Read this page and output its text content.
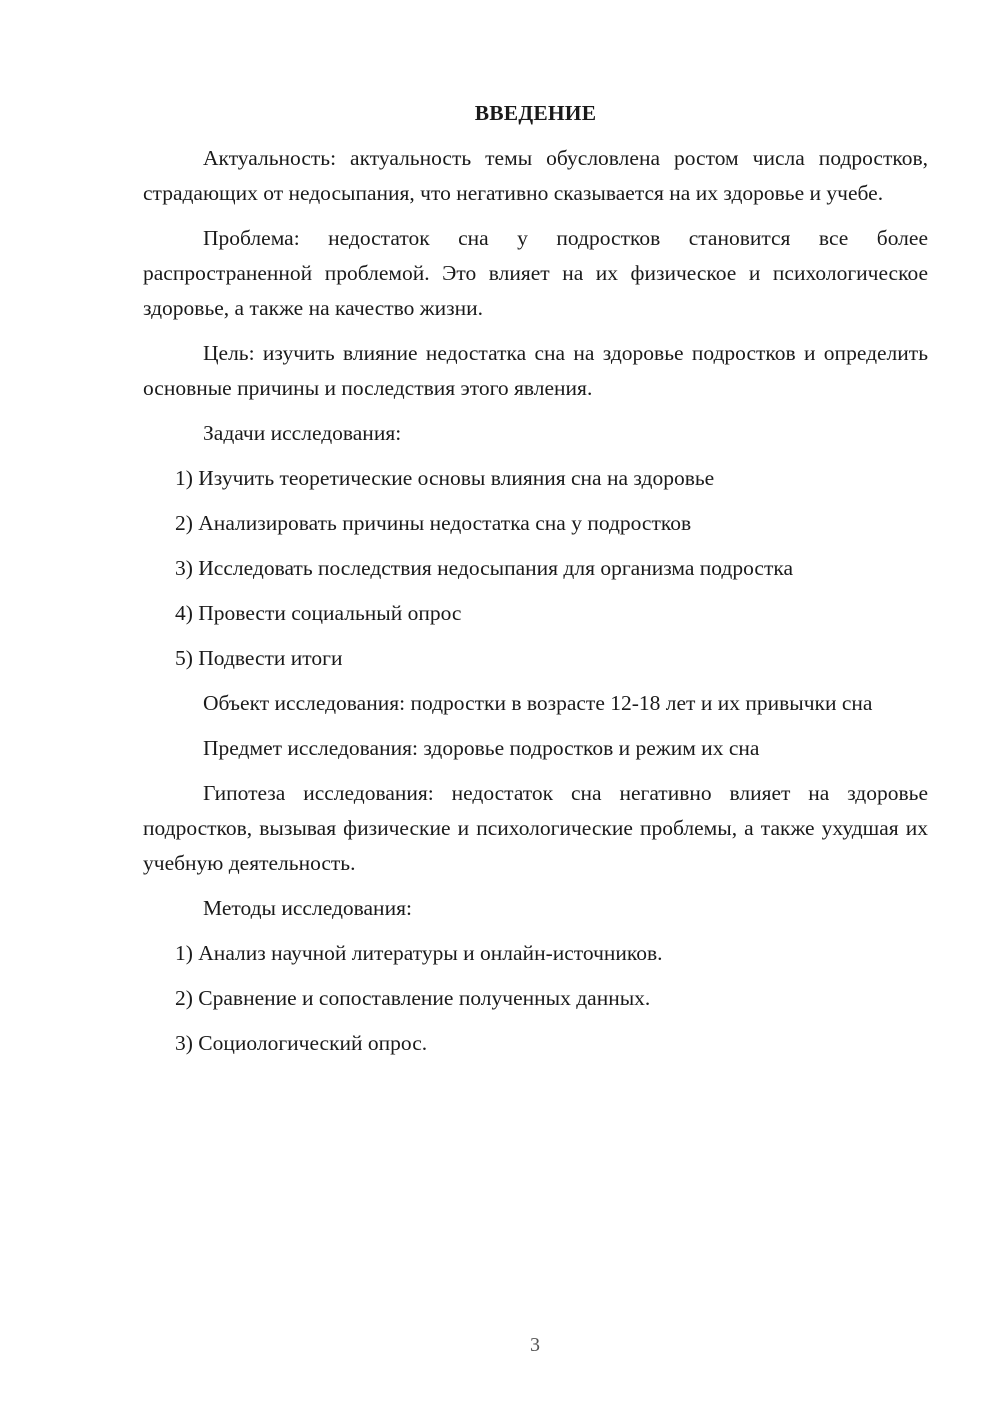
ВВЕДЕНИЕ

Актуальность: актуальность темы обусловлена ростом числа подростков, страдающих от недосыпания, что негативно сказывается на их здоровье и учебе.

Проблема: недостаток сна у подростков становится все более распространенной проблемой. Это влияет на их физическое и психологическое здоровье, а также на качество жизни.

Цель: изучить влияние недостатка сна на здоровье подростков и определить основные причины и последствия этого явления.

Задачи исследования:

1) Изучить теоретические основы влияния сна на здоровье

2) Анализировать причины недостатка сна у подростков

3) Исследовать последствия недосыпания для организма подростка

4) Провести социальный опрос

5) Подвести итоги

Объект исследования: подростки в возрасте 12-18 лет и их привычки сна

Предмет исследования: здоровье подростков и режим их сна

Гипотеза исследования: недостаток сна негативно влияет на здоровье подростков, вызывая физические и психологические проблемы, а также ухудшая их учебную деятельность.

Методы исследования:

1) Анализ научной литературы и онлайн-источников.

2) Сравнение и сопоставление полученных данных.

3) Социологический опрос.

3
